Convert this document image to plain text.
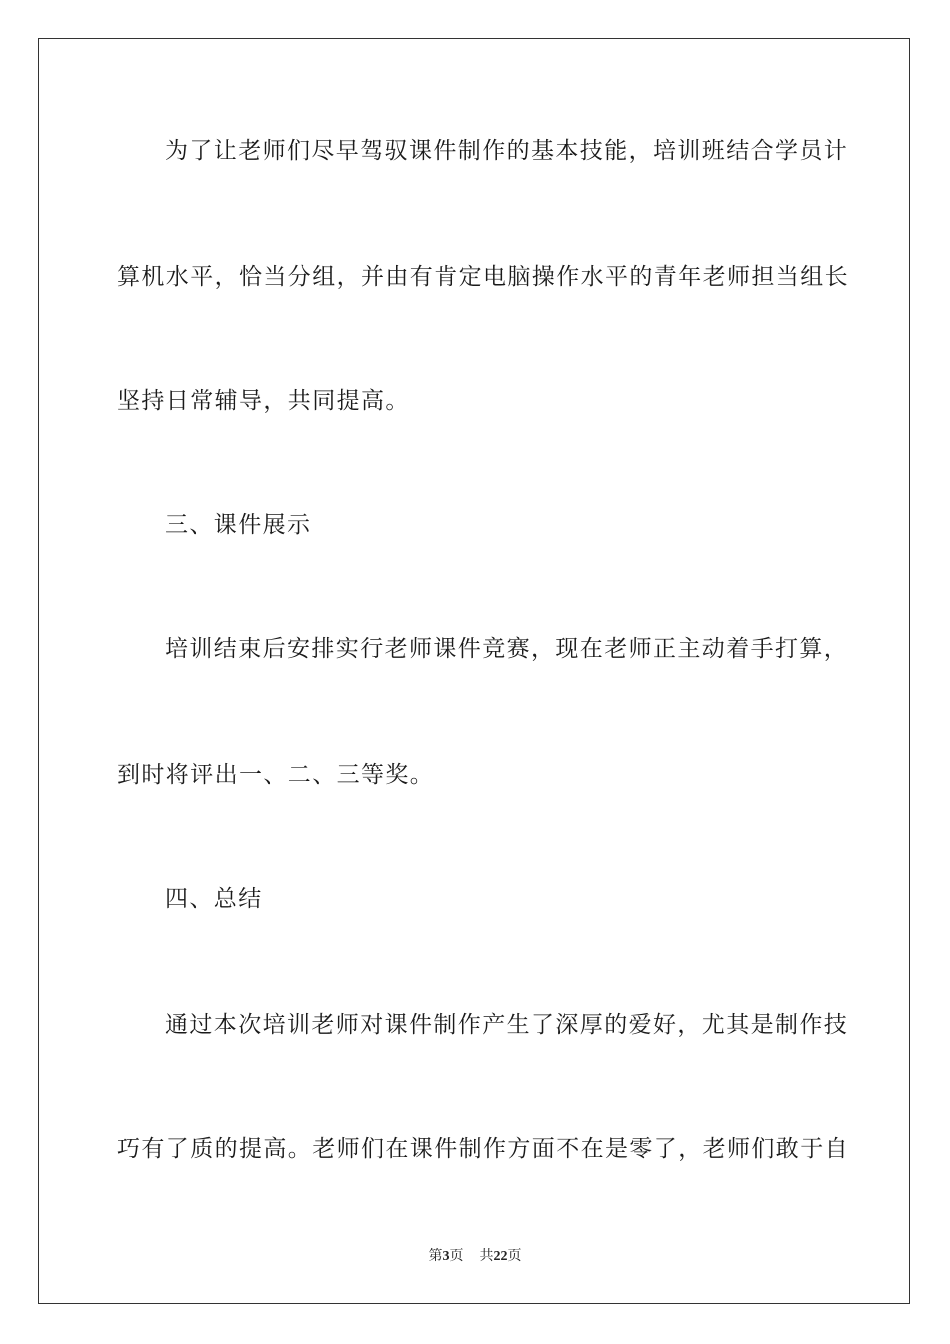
为了让老师们尽早驾驭课件制作的基本技能，培训班结合学员计
算机水平，恰当分组，并由有肯定电脑操作水平的青年老师担当组长
坚持日常辅导，共同提高。
三、课件展示
培训结束后安排实行老师课件竞赛，现在老师正主动着手打算，
到时将评出一、二、三等奖。
四、总结
通过本次培训老师对课件制作产生了深厚的爱好，尤其是制作技
巧有了质的提高。老师们在课件制作方面不在是零了，老师们敢于自
第3页 共22页
